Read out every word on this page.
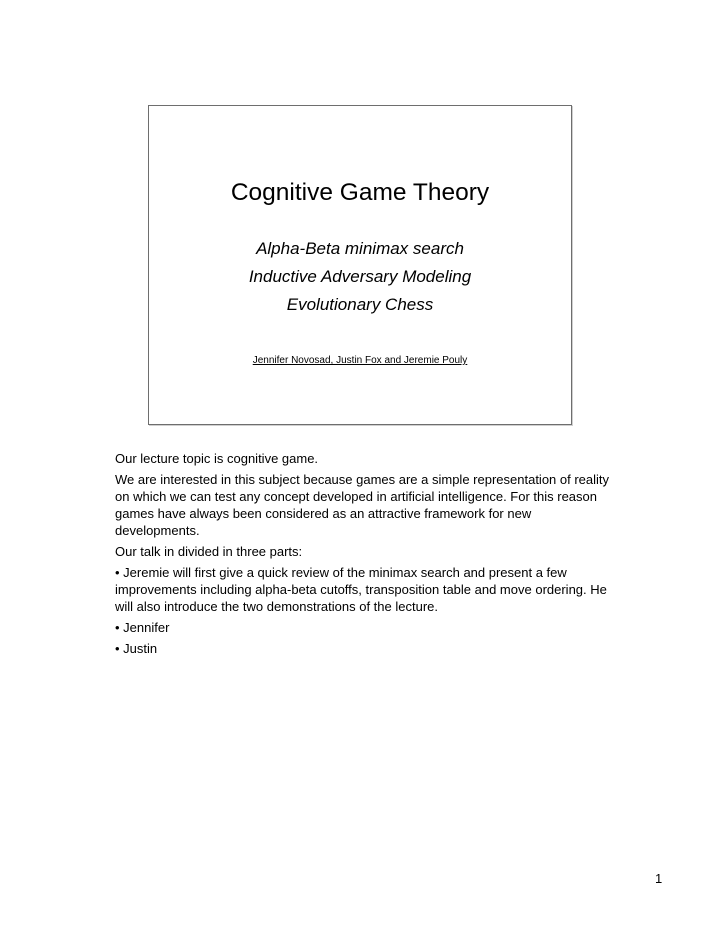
Cognitive Game Theory
Alpha-Beta minimax search
Inductive Adversary Modeling
Evolutionary Chess
Jennifer Novosad, Justin Fox and Jeremie Pouly

Our lecture topic is cognitive game.

We are interested in this subject because games are a simple representation of reality on which we can test any concept developed in artificial intelligence. For this reason games have always been considered as an attractive framework for new developments.

Our talk in divided in three parts:

• Jeremie will first give a quick review of the minimax search and present a few improvements including alpha-beta cutoffs, transposition table and move ordering. He will also introduce the two demonstrations of the lecture.

• Jennifer

• Justin

1
